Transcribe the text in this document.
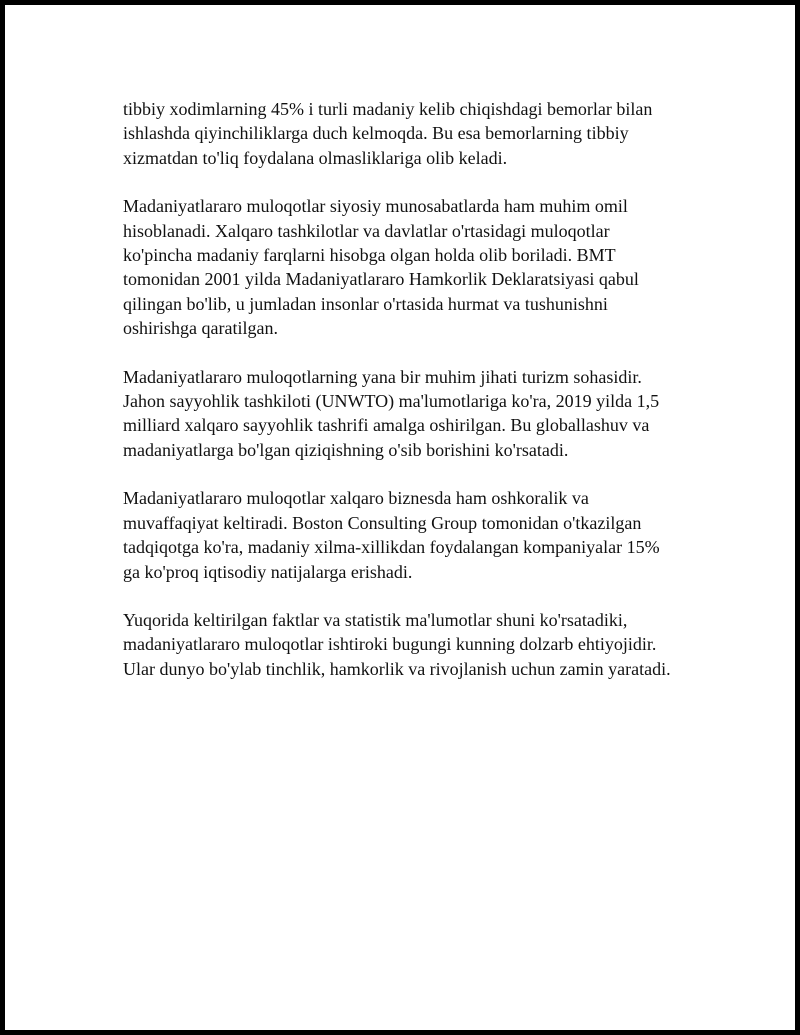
tibbiy xodimlarning 45% i turli madaniy kelib chiqishdagi bemorlar bilan
ishlashda qiyinchiliklarga duch kelmoqda. Bu esa bemorlarning tibbiy
xizmatdan to'liq foydalana olmasliklariga olib keladi.

Madaniyatlararo muloqotlar siyosiy munosabatlarda ham muhim omil
hisoblanadi. Xalqaro tashkilotlar va davlatlar o'rtasidagi muloqotlar
ko'pincha madaniy farqlarni hisobga olgan holda olib boriladi. BMT
tomonidan 2001 yilda Madaniyatlararo Hamkorlik Deklaratsiyasi qabul
qilingan bo'lib, u jumladan insonlar o'rtasida hurmat va tushunishni
oshirishga qaratilgan.

Madaniyatlararo muloqotlarning yana bir muhim jihati turizm sohasidir.
Jahon sayyohlik tashkiloti (UNWTO) ma'lumotlariga ko'ra, 2019 yilda 1,5
milliard xalqaro sayyohlik tashrifi amalga oshirilgan. Bu globallashuv va
madaniyatlarga bo'lgan qiziqishning o'sib borishini ko'rsatadi.

Madaniyatlararo muloqotlar xalqaro biznesda ham oshkoralik va
muvaffaqiyat keltiradi. Boston Consulting Group tomonidan o'tkazilgan
tadqiqotga ko'ra, madaniy xilma-xillikdan foydalangan kompaniyalar 15%
ga ko'proq iqtisodiy natijalarga erishadi.

Yuqorida keltirilgan faktlar va statistik ma'lumotlar shuni ko'rsatadiki,
madaniyatlararo muloqotlar ishtiroki bugungi kunning dolzarb ehtiyojidir.
Ular dunyo bo'ylab tinchlik, hamkorlik va rivojlanish uchun zamin yaratadi.
